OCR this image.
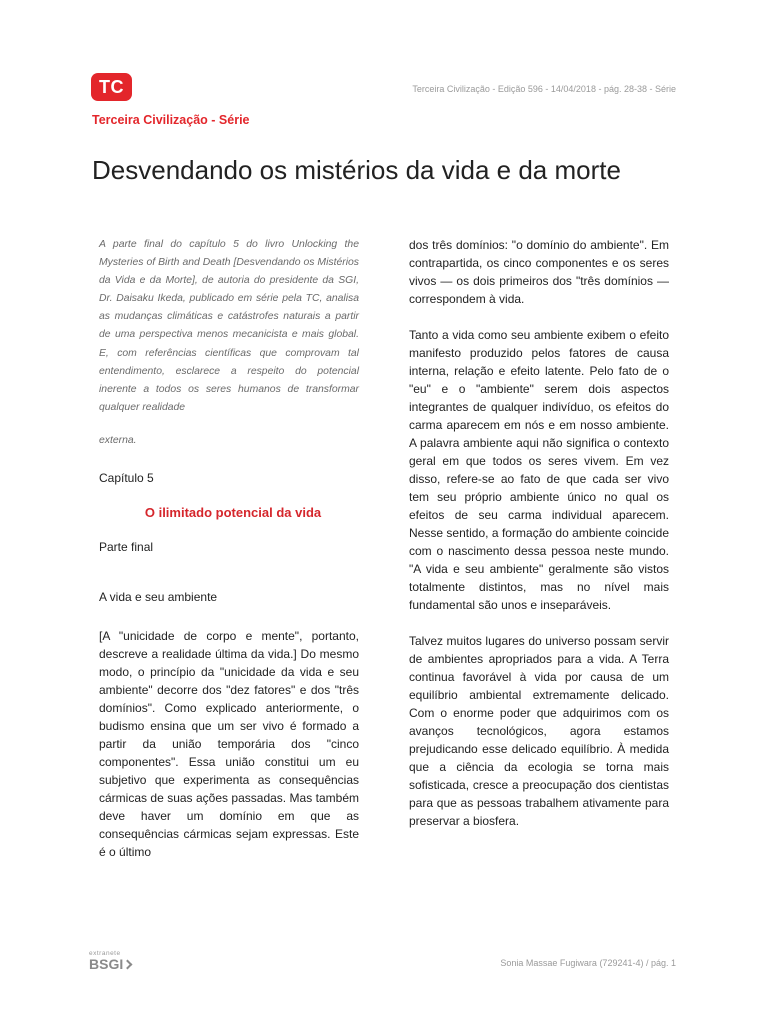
TC	Terceira Civilização - Edição 596 - 14/04/2018 - pág. 28-38 - Série
Terceira Civilização - Série
Desvendando os mistérios da vida e da morte

A parte final do capítulo 5 do livro Unlocking the Mysteries of Birth and Death [Desvendando os Mistérios da Vida e da Morte], de autoria do presidente da SGI, Dr. Daisaku Ikeda, publicado em série pela TC, analisa as mudanças climáticas e catástrofes naturais a partir de uma perspectiva menos mecanicista e mais global. E, com referências científicas que comprovam tal entendimento, esclarece a respeito do potencial inerente a todos os seres humanos de transformar qualquer realidade

externa.

Capítulo 5

O ilimitado potencial da vida

Parte final

A vida e seu ambiente

[A "unicidade de corpo e mente", portanto, descreve a realidade última da vida.] Do mesmo modo, o princípio da "unicidade da vida e seu ambiente" decorre dos "dez fatores" e dos "três domínios". Como explicado anteriormente, o budismo ensina que um ser vivo é formado a partir da união temporária dos "cinco componentes". Essa união constitui um eu subjetivo que experimenta as consequências cármicas de suas ações passadas. Mas também deve haver um domínio em que as consequências cármicas sejam expressas. Este é o último

dos três domínios: "o domínio do ambiente". Em contrapartida, os cinco componentes e os seres vivos — os dois primeiros dos "três domínios — correspondem à vida.

Tanto a vida como seu ambiente exibem o efeito manifesto produzido pelos fatores de causa interna, relação e efeito latente. Pelo fato de o "eu" e o "ambiente" serem dois aspectos integrantes de qualquer indivíduo, os efeitos do carma aparecem em nós e em nosso ambiente. A palavra ambiente aqui não significa o contexto geral em que todos os seres vivem. Em vez disso, refere-se ao fato de que cada ser vivo tem seu próprio ambiente único no qual os efeitos de seu carma individual aparecem. Nesse sentido, a formação do ambiente coincide com o nascimento dessa pessoa neste mundo. "A vida e seu ambiente" geralmente são vistos totalmente distintos, mas no nível mais fundamental são unos e inseparáveis.

Talvez muitos lugares do universo possam servir de ambientes apropriados para a vida. A Terra continua favorável à vida por causa de um equilíbrio ambiental extremamente delicado. Com o enorme poder que adquirimos com os avanços tecnológicos, agora estamos prejudicando esse delicado equilíbrio. À medida que a ciência da ecologia se torna mais sofisticada, cresce a preocupação dos cientistas para que as pessoas trabalhem ativamente para preservar a biosfera.

extranete
BSGI	Sonia Massae Fugiwara (729241-4) / pág. 1
